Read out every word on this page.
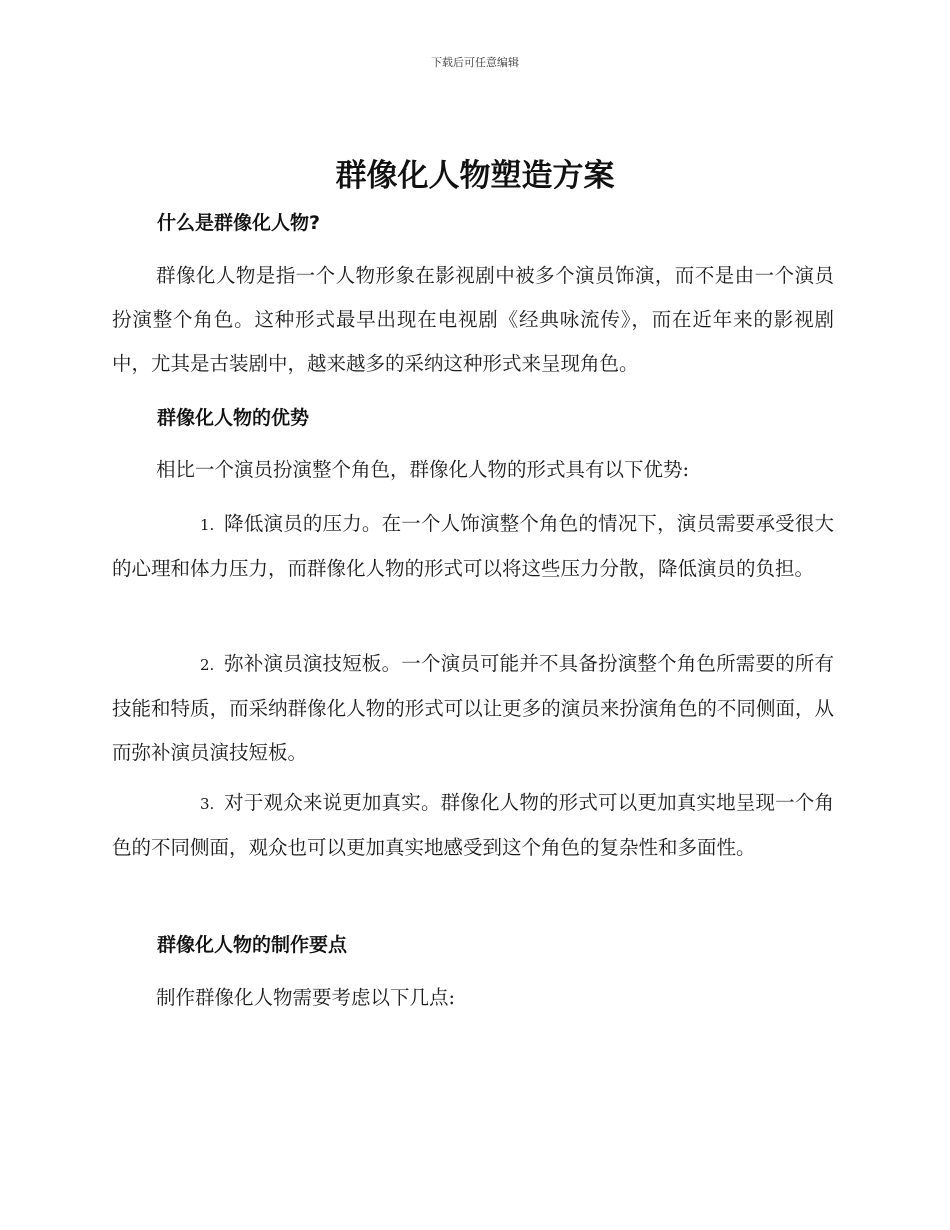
下载后可任意编辑
群像化人物塑造方案
什么是群像化人物?

群像化人物是指一个人物形象在影视剧中被多个演员饰演，而不是由一个演员扮演整个角色。这种形式最早出现在电视剧《经典咏流传》，而在近年来的影视剧中，尤其是古装剧中，越来越多的采纳这种形式来呈现角色。

群像化人物的优势

相比一个演员扮演整个角色，群像化人物的形式具有以下优势:

1. 降低演员的压力。在一个人饰演整个角色的情况下，演员需要承受很大的心理和体力压力，而群像化人物的形式可以将这些压力分散，降低演员的负担。

2. 弥补演员演技短板。一个演员可能并不具备扮演整个角色所需要的所有技能和特质，而采纳群像化人物的形式可以让更多的演员来扮演角色的不同侧面，从而弥补演员演技短板。

3. 对于观众来说更加真实。群像化人物的形式可以更加真实地呈现一个角色的不同侧面，观众也可以更加真实地感受到这个角色的复杂性和多面性。

群像化人物的制作要点

制作群像化人物需要考虑以下几点:
